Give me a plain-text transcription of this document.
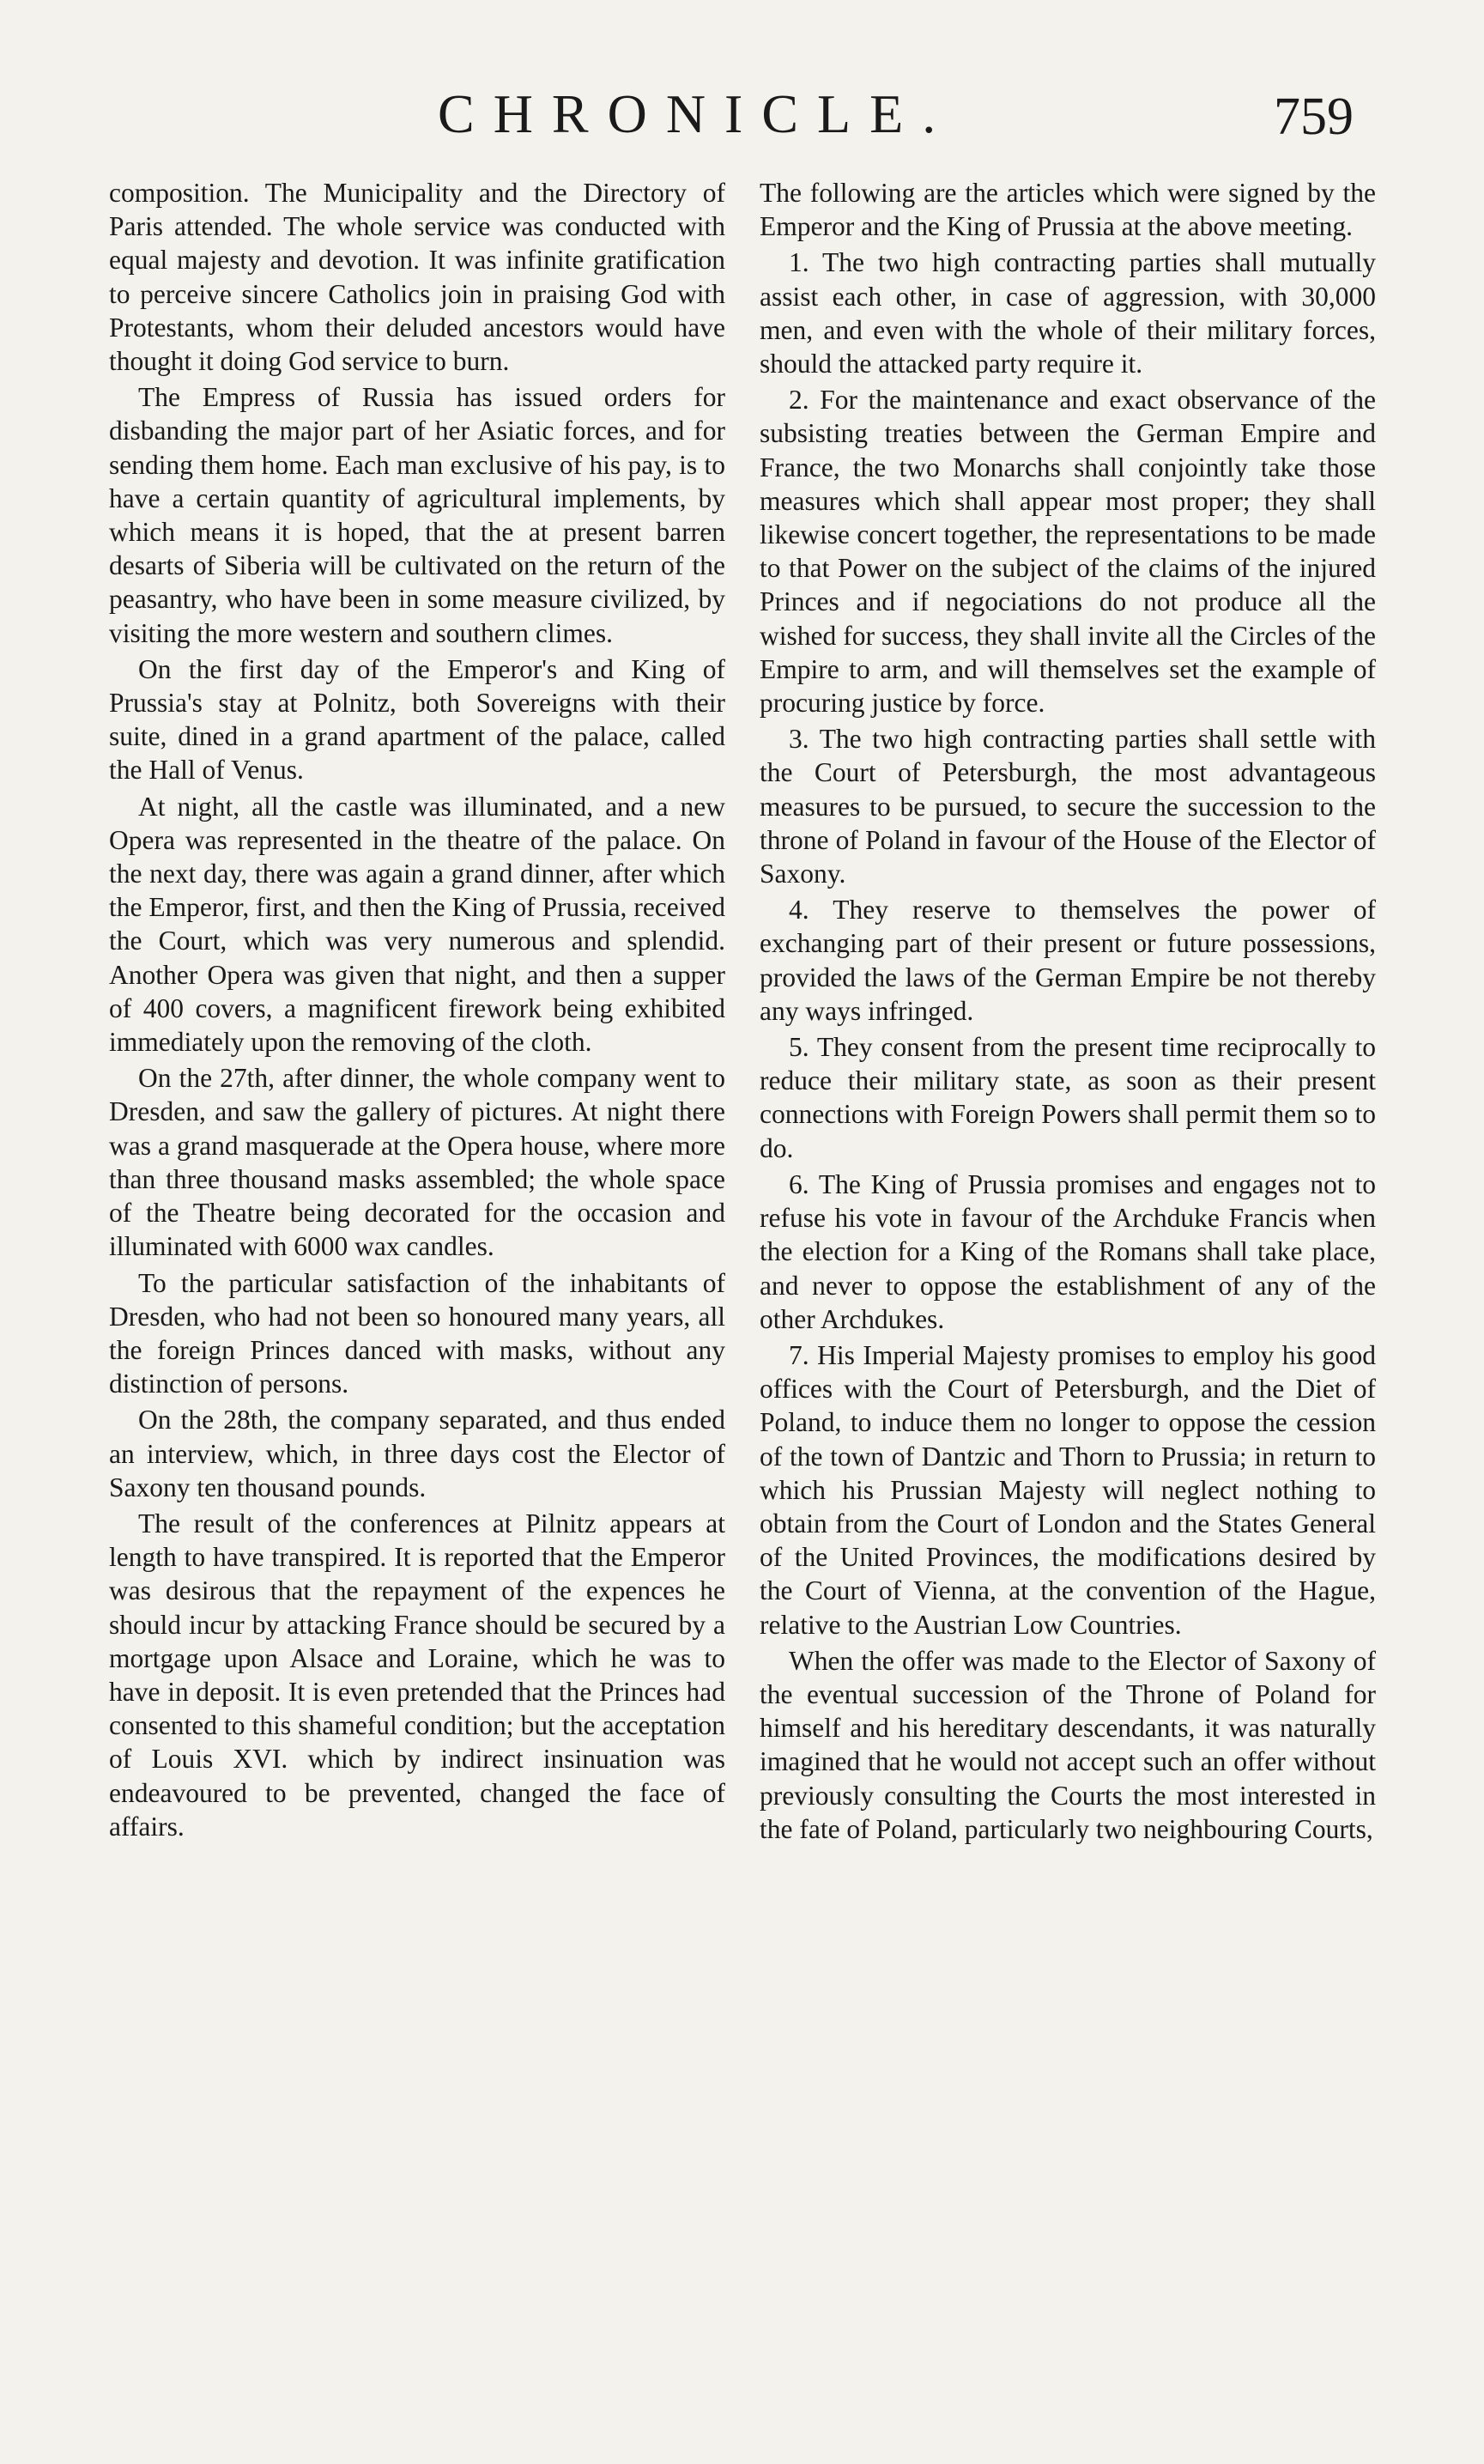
CHRONICLE.	759

composition. The Municipality and the Directory of Paris attended. The whole service was conducted with equal majesty and devotion. It was infinite gratification to perceive sincere Catholics join in praising God with Protestants, whom their deluded ancestors would have thought it doing God service to burn.

The Empress of Russia has issued orders for disbanding the major part of her Asiatic forces, and for sending them home. Each man exclusive of his pay, is to have a certain quantity of agricultural implements, by which means it is hoped, that the at present barren desarts of Siberia will be cultivated on the return of the peasantry, who have been in some measure civilized, by visiting the more western and southern climes.

On the first day of the Emperor's and King of Prussia's stay at Polnitz, both Sovereigns with their suite, dined in a grand apartment of the palace, called the Hall of Venus.

At night, all the castle was illuminated, and a new Opera was represented in the theatre of the palace. On the next day, there was again a grand dinner, after which the Emperor, first, and then the King of Prussia, received the Court, which was very numerous and splendid. Another Opera was given that night, and then a supper of 400 covers, a magnificent firework being exhibited immediately upon the removing of the cloth.

On the 27th, after dinner, the whole company went to Dresden, and saw the gallery of pictures. At night there was a grand masquerade at the Opera house, where more than three thousand masks assembled; the whole space of the Theatre being decorated for the occasion and illuminated with 6000 wax candles.

To the particular satisfaction of the inhabitants of Dresden, who had not been so honoured many years, all the foreign Princes danced with masks, without any distinction of persons.

On the 28th, the company separated, and thus ended an interview, which, in three days cost the Elector of Saxony ten thousand pounds.

The result of the conferences at Pilnitz appears at length to have transpired. It is reported that the Emperor was desirous that the repayment of the expences he should incur by attacking France should be secured by a mortgage upon Alsace and Loraine, which he was to have in deposit. It is even pretended that the Princes had consented to this shameful condition; but the acceptation of Louis XVI. which by indirect insinuation was endeavoured to be prevented, changed the face of affairs.

The following are the articles which were signed by the Emperor and the King of Prussia at the above meeting.

1. The two high contracting parties shall mutually assist each other, in case of aggression, with 30,000 men, and even with the whole of their military forces, should the attacked party require it.

2. For the maintenance and exact observance of the subsisting treaties between the German Empire and France, the two Monarchs shall conjointly take those measures which shall appear most proper; they shall likewise concert together, the representations to be made to that Power on the subject of the claims of the injured Princes and if negociations do not produce all the wished for success, they shall invite all the Circles of the Empire to arm, and will themselves set the example of procuring justice by force.

3. The two high contracting parties shall settle with the Court of Petersburgh, the most advantageous measures to be pursued, to secure the succession to the throne of Poland in favour of the House of the Elector of Saxony.

4. They reserve to themselves the power of exchanging part of their present or future possessions, provided the laws of the German Empire be not thereby any ways infringed.

5. They consent from the present time reciprocally to reduce their military state, as soon as their present connections with Foreign Powers shall permit them so to do.

6. The King of Prussia promises and engages not to refuse his vote in favour of the Archduke Francis when the election for a King of the Romans shall take place, and never to oppose the establishment of any of the other Archdukes.

7. His Imperial Majesty promises to employ his good offices with the Court of Petersburgh, and the Diet of Poland, to induce them no longer to oppose the cession of the town of Dantzic and Thorn to Prussia; in return to which his Prussian Majesty will neglect nothing to obtain from the Court of London and the States General of the United Provinces, the modifications desired by the Court of Vienna, at the convention of the Hague, relative to the Austrian Low Countries.

When the offer was made to the Elector of Saxony of the eventual succession of the Throne of Poland for himself and his hereditary descendants, it was naturally imagined that he would not accept such an offer without previously consulting the Courts the most interested in the fate of Poland, particularly two neighbouring Courts,
